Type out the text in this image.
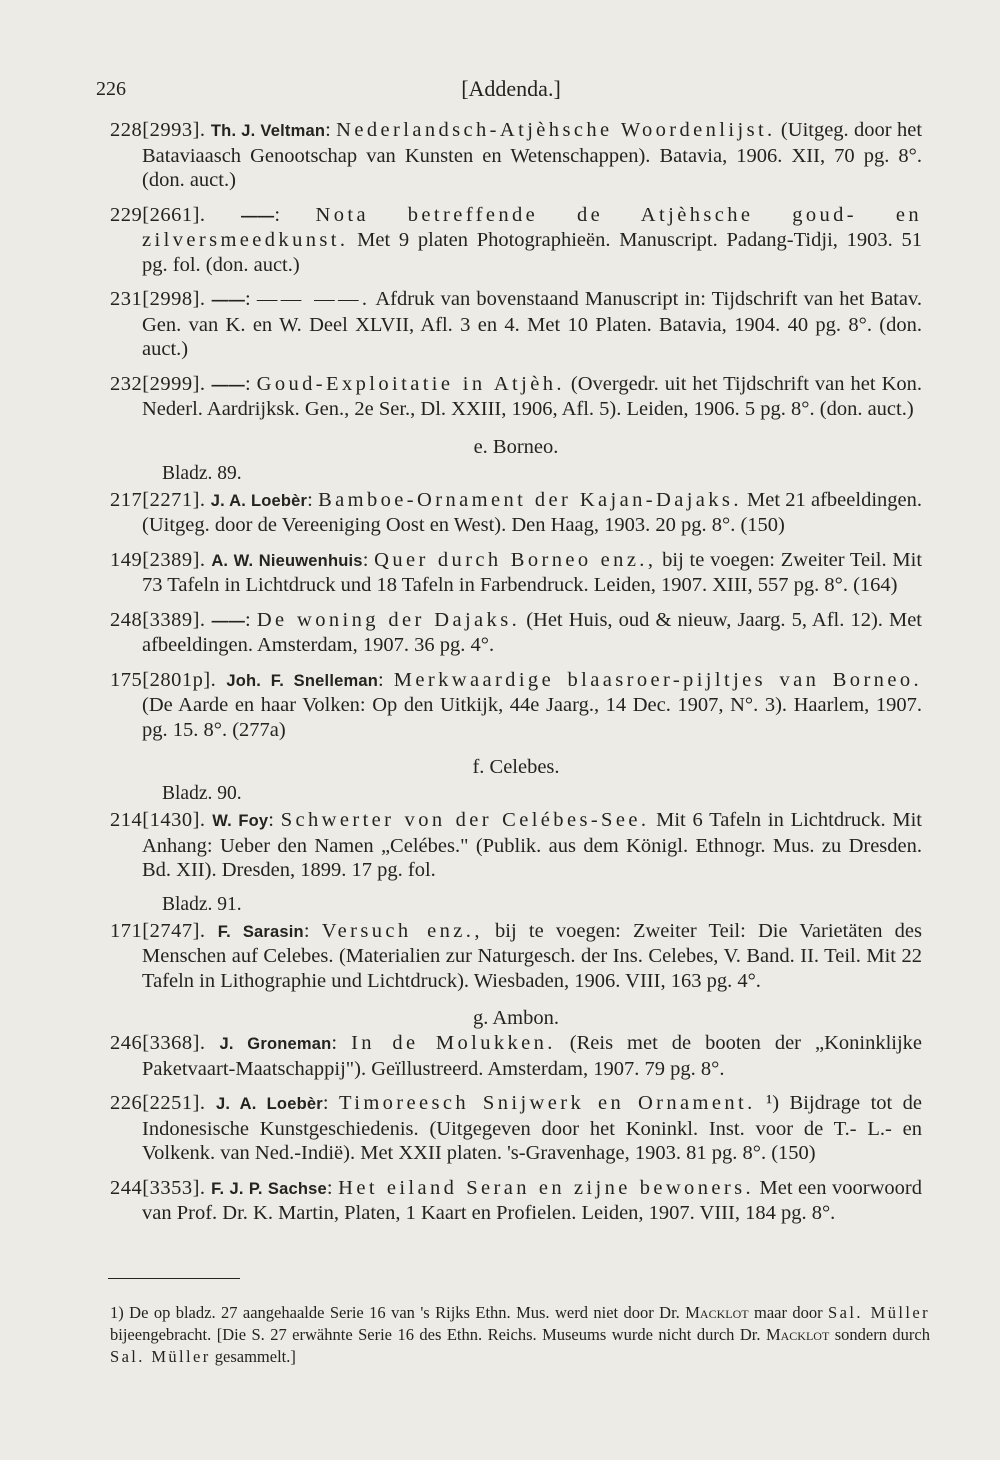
226	[Addenda.]

228[2993]. Th. J. Veltman: Nederlandsch-Atjèhsche Woordenlijst. (Uitgeg. door het Bataviaasch Genootschap van Kunsten en Wetenschappen). Batavia, 1906. XII, 70 pg. 8°. (don. auct.)

229[2661]. ——: Nota betreffende de Atjèhsche goud- en zilversmeedkunst. Met 9 platen Photographieën. Manuscript. Padang-Tidji, 1903. 51 pg. fol. (don. auct.)

231[2998]. ——: —— ——. Afdruk van bovenstaand Manuscript in: Tijdschrift van het Batav. Gen. van K. en W. Deel XLVII, Afl. 3 en 4. Met 10 Platen. Batavia, 1904. 40 pg. 8°. (don. auct.)

232[2999]. ——: Goud-Exploitatie in Atjèh. (Overgedr. uit het Tijdschrift van het Kon. Nederl. Aardrijksk. Gen., 2e Ser., Dl. XXIII, 1906, Afl. 5). Leiden, 1906. 5 pg. 8°. (don. auct.)

e. Borneo.
Bladz. 89.

217[2271]. J. A. Loebèr: Bamboe-Ornament der Kajan-Dajaks. Met 21 afbeeldingen. (Uitgeg. door de Vereeniging Oost en West). Den Haag, 1903. 20 pg. 8°. (150)

149[2389]. A. W. Nieuwenhuis: Quer durch Borneo enz., bij te voegen: Zweiter Teil. Mit 73 Tafeln in Lichtdruck und 18 Tafeln in Farbendruck. Leiden, 1907. XIII, 557 pg. 8°. (164)

248[3389]. ——: De woning der Dajaks. (Het Huis, oud & nieuw, Jaarg. 5, Afl. 12). Met afbeeldingen. Amsterdam, 1907. 36 pg. 4°.

175[2801p]. Joh. F. Snelleman: Merkwaardige blaasroer-pijltjes van Borneo. (De Aarde en haar Volken: Op den Uitkijk, 44e Jaarg., 14 Dec. 1907, N°. 3). Haarlem, 1907. pg. 15. 8°. (277a)

f. Celebes.
Bladz. 90.

214[1430]. W. Foy: Schwerter von der Celébes-See. Mit 6 Tafeln in Lichtdruck. Mit Anhang: Ueber den Namen „Celébes." (Publik. aus dem Königl. Ethnogr. Mus. zu Dresden. Bd. XII). Dresden, 1899. 17 pg. fol.

Bladz. 91.

171[2747]. F. Sarasin: Versuch enz., bij te voegen: Zweiter Teil: Die Varietäten des Menschen auf Celebes. (Materialien zur Naturgesch. der Ins. Celebes, V. Band. II. Teil. Mit 22 Tafeln in Lithographie und Lichtdruck). Wiesbaden, 1906. VIII, 163 pg. 4°.

g. Ambon.

246[3368]. J. Groneman: In de Molukken. (Reis met de booten der „Koninklijke Paketvaart-Maatschappij"). Geïllustreerd. Amsterdam, 1907. 79 pg. 8°.

226[2251]. J. A. Loebèr: Timoreesch Snijwerk en Ornament. ¹) Bijdrage tot de Indonesische Kunstgeschiedenis. (Uitgegeven door het Koninkl. Inst. voor de T.- L.- en Volkenk. van Ned.-Indië). Met XXII platen. 's-Gravenhage, 1903. 81 pg. 8°. (150)

244[3353]. F. J. P. Sachse: Het eiland Seran en zijne bewoners. Met een voorwoord van Prof. Dr. K. Martin, Platen, 1 Kaart en Profielen. Leiden, 1907. VIII, 184 pg. 8°.

1) De op bladz. 27 aangehaalde Serie 16 van 's Rijks Ethn. Mus. werd niet door Dr. Macklot maar door Sal. Müller bijeengebracht. [Die S. 27 erwähnte Serie 16 des Ethn. Reichs. Museums wurde nicht durch Dr. Macklot sondern durch Sal. Müller gesammelt.]
